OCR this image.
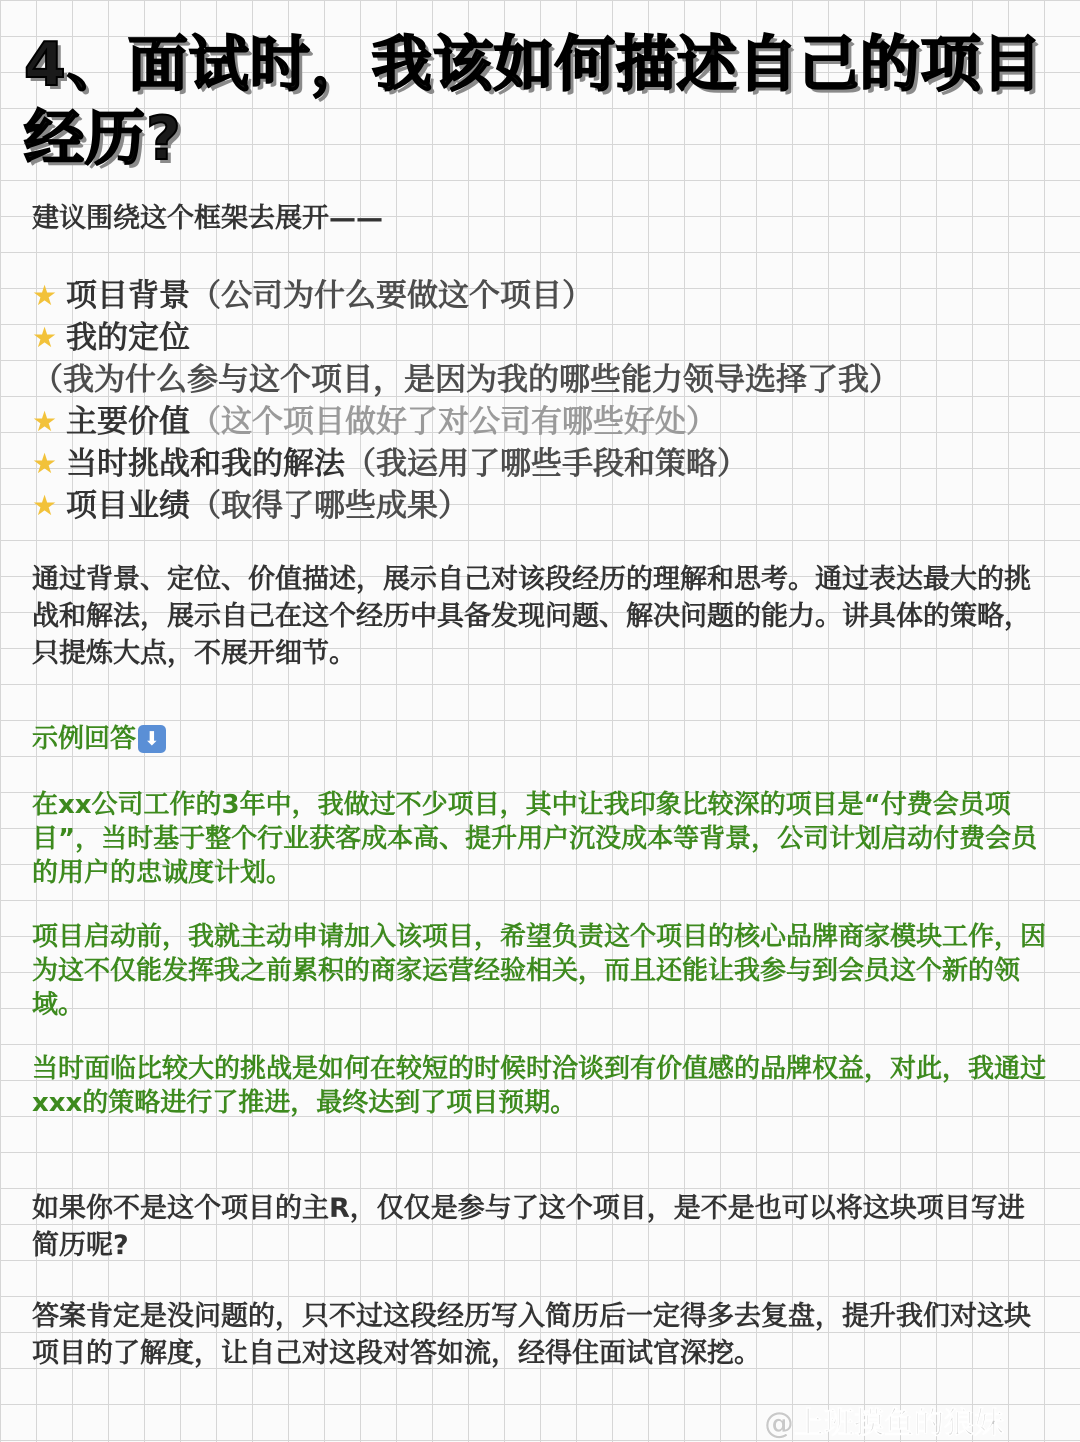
4、面试时，我该如何描述自己的项目经历?

建议围绕这个框架去展开——

★ 项目背景（公司为什么要做这个项目）
★ 我的定位（我为什么参与这个项目，是因为我的哪些能力领导选择了我）
★ 主要价值（这个项目做好了对公司有哪些好处）
★ 当时挑战和我的解法（我运用了哪些手段和策略）
★ 项目业绩（取得了哪些成果）

通过背景、定位、价值描述，展示自己对该段经历的理解和思考。通过表达最大的挑战和解法，展示自己在这个经历中具备发现问题、解决问题的能力。讲具体的策略，只提炼大点，不展开细节。

示例回答 ⬇

在xx公司工作的3年中，我做过不少项目，其中让我印象比较深的项目是“付费会员项目”，当时基于整个行业获客成本高、提升用户沉没成本等背景，公司计划启动付费会员的用户的忠诚度计划。

项目启动前，我就主动申请加入该项目，希望负责这个项目的核心品牌商家模块工作，因为这不仅能发挥我之前累积的商家运营经验相关，而且还能让我参与到会员这个新的领域。

当时面临比较大的挑战是如何在较短的时候时洽谈到有价值感的品牌权益，对此，我通过xxx的策略进行了推进，最终达到了项目预期。

如果你不是这个项目的主R，仅仅是参与了这个项目，是不是也可以将这块项目写进简历呢?

答案肯定是没问题的，只不过这段经历写入简历后一定得多去复盘，提升我们对这块项目的了解度，让自己对这段对答如流，经得住面试官深挖。

@上班摸鱼的狼妹
